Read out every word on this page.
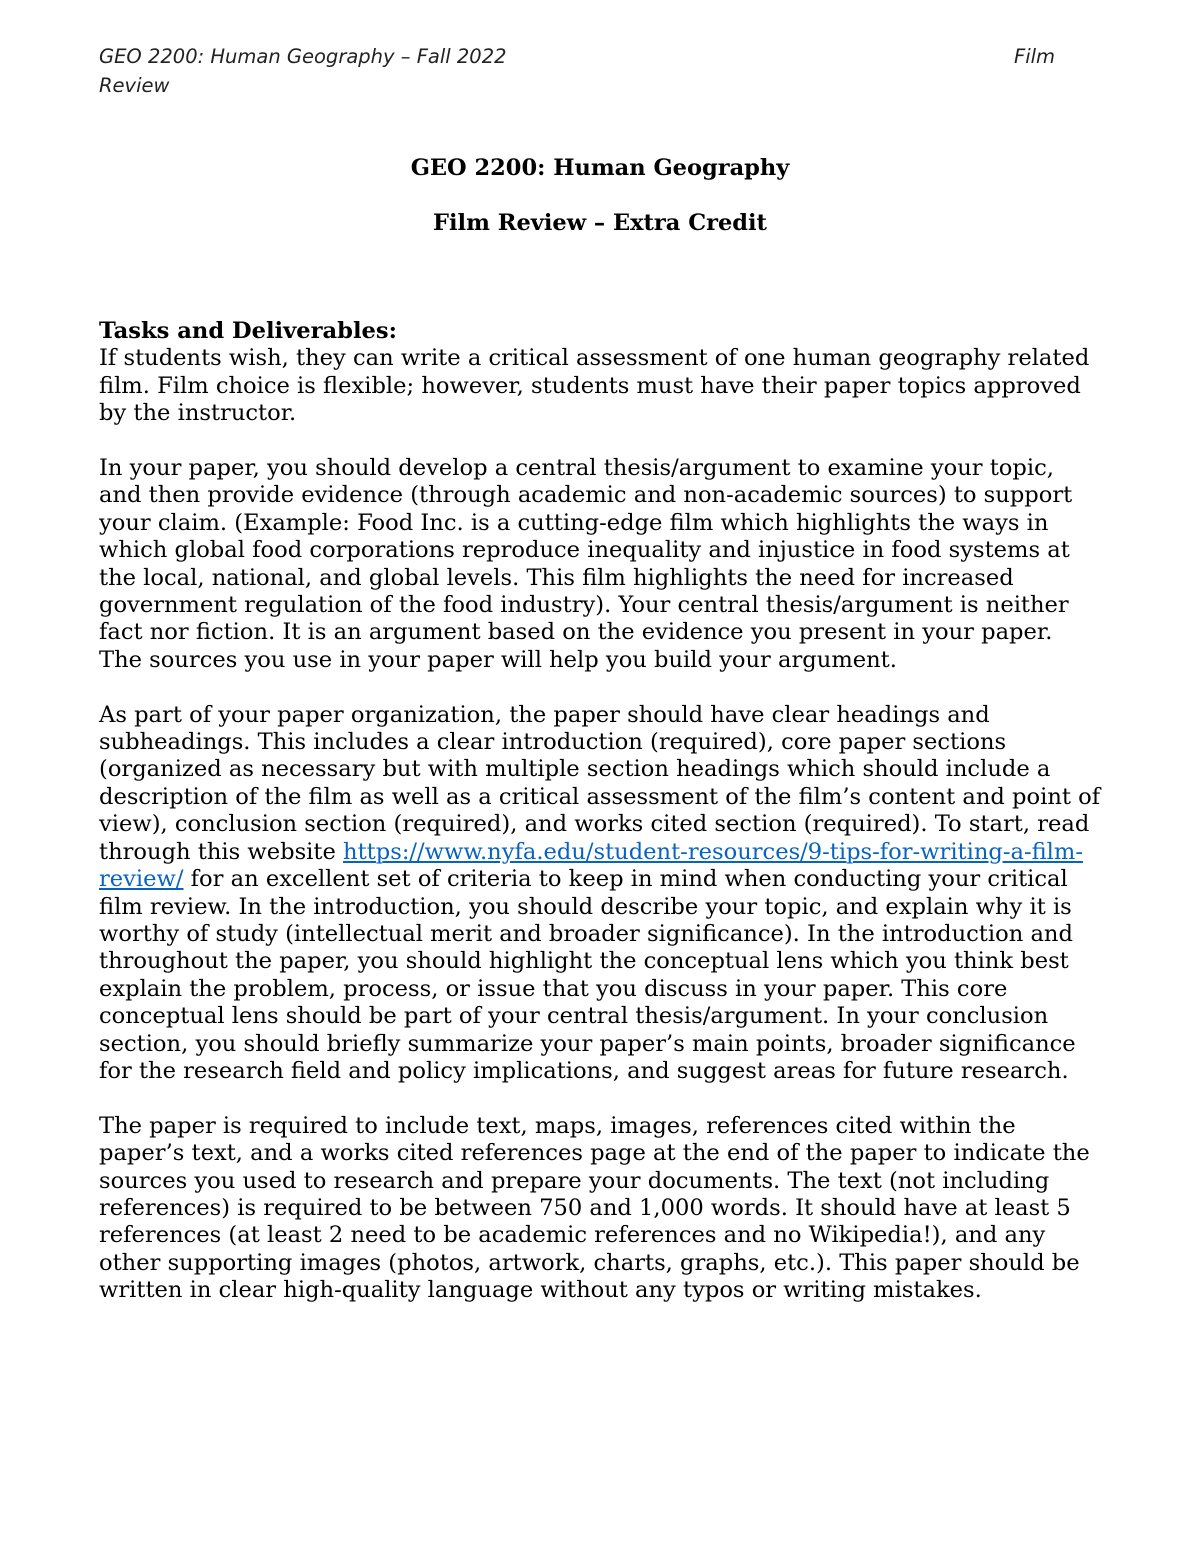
GEO 2200: Human Geography – Fall 2022	Film
Review
GEO 2200: Human Geography
Film Review – Extra Credit

Tasks and Deliverables:
If students wish, they can write a critical assessment of one human geography related film. Film choice is flexible; however, students must have their paper topics approved by the instructor.

In your paper, you should develop a central thesis/argument to examine your topic, and then provide evidence (through academic and non-academic sources) to support your claim. (Example: Food Inc. is a cutting-edge film which highlights the ways in which global food corporations reproduce inequality and injustice in food systems at the local, national, and global levels. This film highlights the need for increased government regulation of the food industry). Your central thesis/argument is neither fact nor fiction. It is an argument based on the evidence you present in your paper. The sources you use in your paper will help you build your argument.

As part of your paper organization, the paper should have clear headings and subheadings. This includes a clear introduction (required), core paper sections (organized as necessary but with multiple section headings which should include a description of the film as well as a critical assessment of the film’s content and point of view), conclusion section (required), and works cited section (required). To start, read through this website https://www.nyfa.edu/student-resources/9-tips-for-writing-a-film-review/ for an excellent set of criteria to keep in mind when conducting your critical film review. In the introduction, you should describe your topic, and explain why it is worthy of study (intellectual merit and broader significance). In the introduction and throughout the paper, you should highlight the conceptual lens which you think best explain the problem, process, or issue that you discuss in your paper. This core conceptual lens should be part of your central thesis/argument. In your conclusion section, you should briefly summarize your paper’s main points, broader significance for the research field and policy implications, and suggest areas for future research.

The paper is required to include text, maps, images, references cited within the paper’s text, and a works cited references page at the end of the paper to indicate the sources you used to research and prepare your documents. The text (not including references) is required to be between 750 and 1,000 words. It should have at least 5 references (at least 2 need to be academic references and no Wikipedia!), and any other supporting images (photos, artwork, charts, graphs, etc.). This paper should be written in clear high-quality language without any typos or writing mistakes.
